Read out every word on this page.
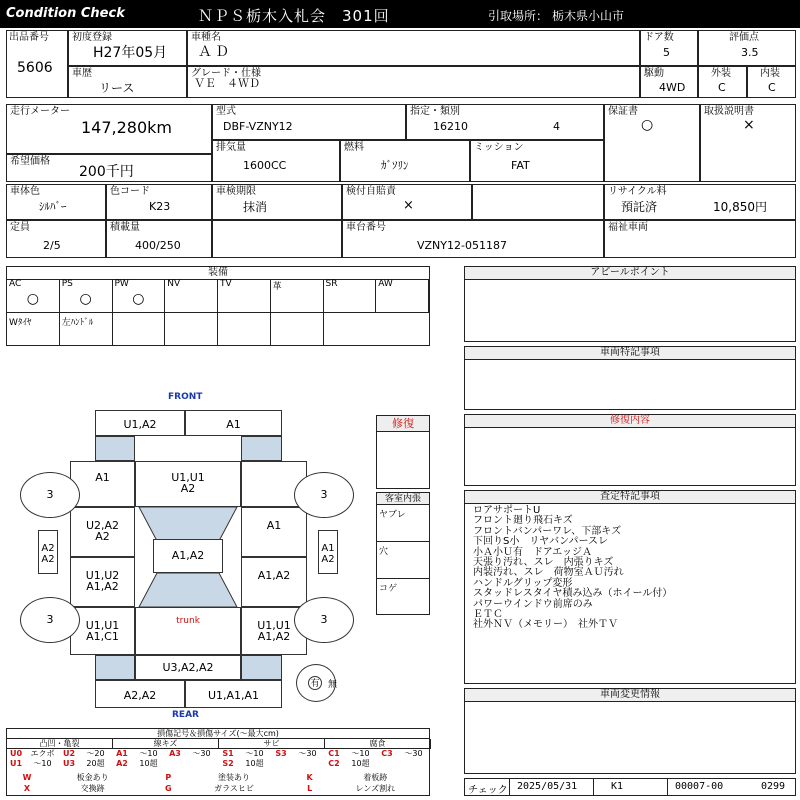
Condition Check	ＮＰＳ栃木入札会　301回	引取場所： 栃木県小山市
出品番号
5606
初度登録
H27年05月
車歴
リース
車種名
ＡＤ
グレード・仕様
ＶＥ　４ＷＤ
ドア数
5
駆動
4WD
評価点
3.5
外装
C
内装
C
走行メーター
147,280km
希望価格
200千円
型式
DBF-VZNY12
指定・類別
16210	4
排気量
1600CC
燃料
ｶﾞｿﾘﾝ
ミッション
FAT
保証書
○
取扱説明書
×
車体色
ｼﾙﾊﾞｰ
色コード
K23
車検期限
抹消
検付自賠責
×
リサイクル料
預託済	10,850円
定員
2/5
積載量
400/250
車台番号
VZNY12-051187
福祉車両
装備
AC
○
PS
○
PW
○
NV	TV	革	SR	AW
Wﾀｲﾔ	左ﾊﾝﾄﾞﾙ
アピールポイント
車両特記事項
修復内容
査定特記事項
ロアサポートU
フロント廻り飛石キズ
フロントバンパーワレ、下部キズ
下回りS小　リヤバンパースレ
小Ａ小Ｕ有　ドアエッジＡ
天張り汚れ、スレ　内張りキズ
内装汚れ、スレ　荷物室ＡＵ汚れ
ハンドルグリップ変形
スタッドレスタイヤ積み込み（ホイール付）
パワーウインドウ前席のみ
ＥＴＣ
社外ＮＶ（メモリー）　社外ＴＶ
車両変更情報
チェック 2025/05/31	K1	00007-00	0299
FRONT
REAR
U1,A2	A1
A1	U1,U1
A2
U2,A2
A2
A1
A1,A2
U1,U2
A1,A2
A1,A2
U1,U1
A1,C1
trunk	U1,U1
A1,A2
U3,A2,A2
A2,A2	U1,A1,A1
A2
A2
A1
A2
3	3
3	3
有 無
修復
客室内張
ヤブレ
穴
コゲ
損傷記号＆損傷サイズ(〜最大cm)
凸凹・亀裂	線キズ	サビ	腐食
U0	エクボ	U2	〜20	A1	〜10	A3	〜30	S1	〜10	S3	〜30	C1	〜10	C3	〜30
U1	〜10	U3	20超	A2	10超	S2	10超	C2	10超
W	板金あり	P	塗装あり	K	着板跡
X	交換跡	G	ガラスヒビ	L	レンズ割れ
